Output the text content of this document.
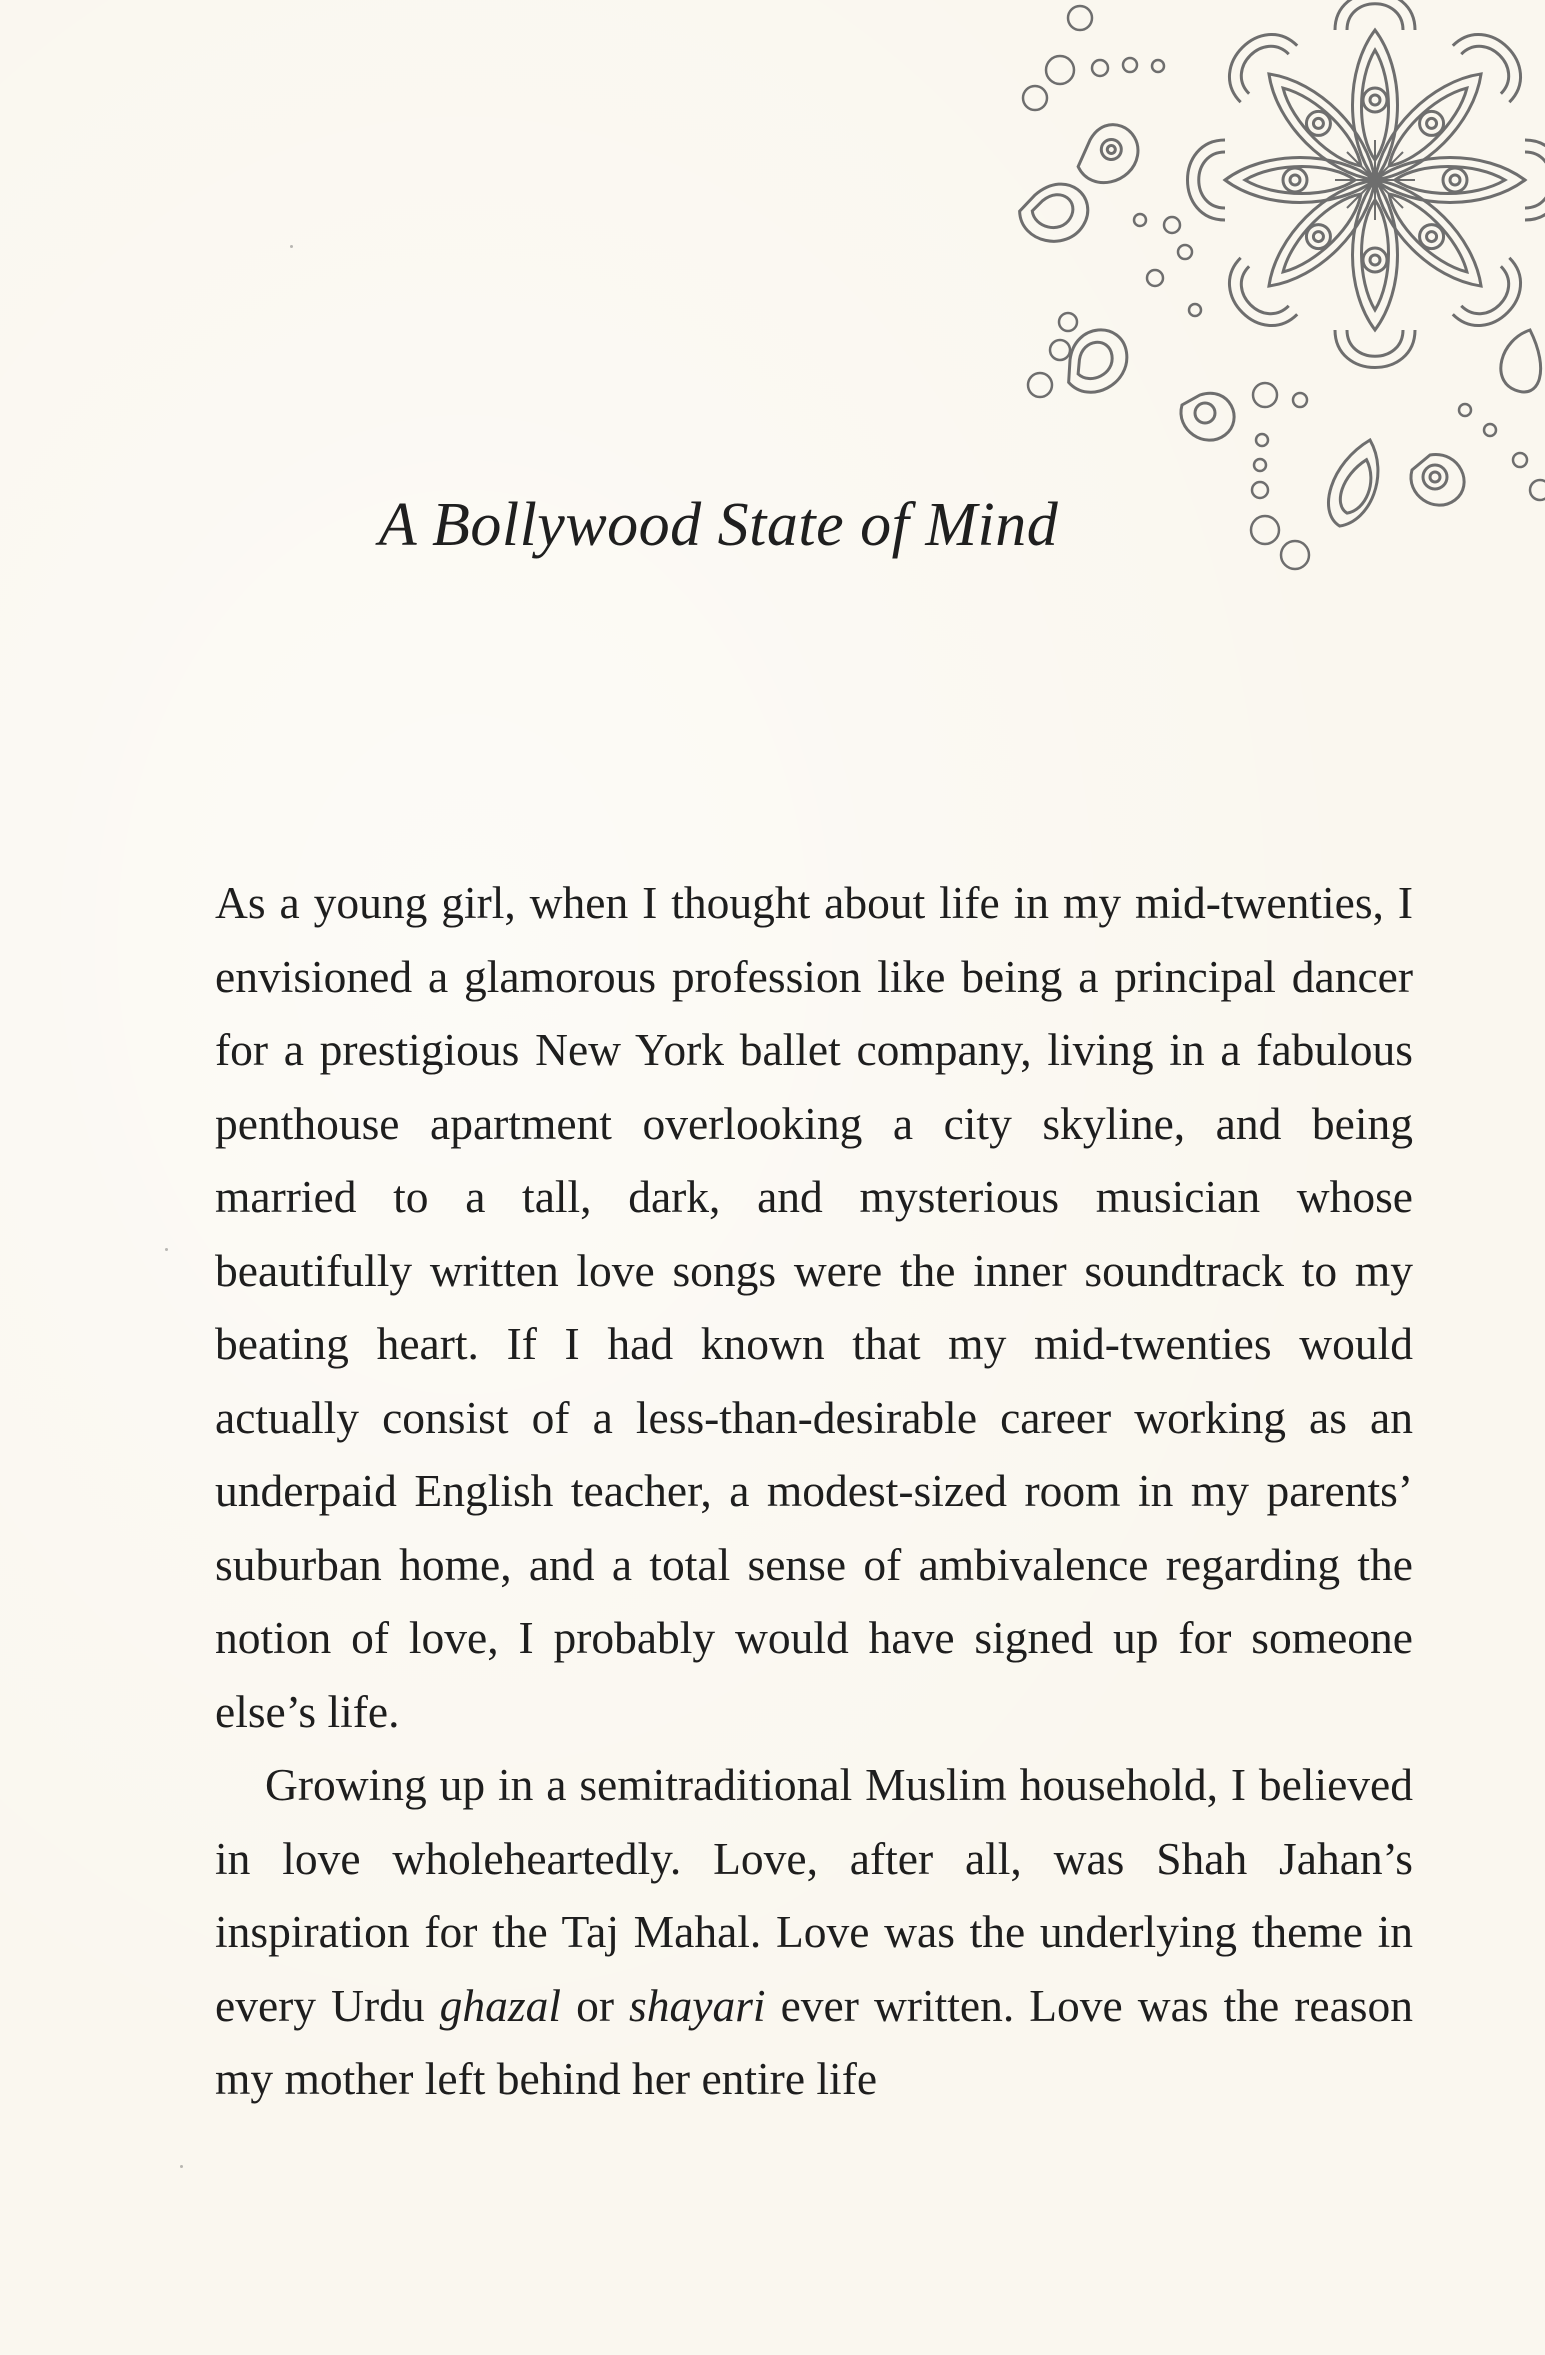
A Bollywood State of Mind

As a young girl, when I thought about life in my mid-twenties, I envisioned a glamorous profession like being a principal dancer for a prestigious New York ballet company, living in a fabulous penthouse apartment overlooking a city skyline, and being married to a tall, dark, and mysterious musician whose beautifully written love songs were the inner soundtrack to my beating heart. If I had known that my mid-twenties would actually consist of a less-than-desirable career working as an underpaid English teacher, a modest-sized room in my parents’ suburban home, and a total sense of ambivalence regarding the notion of love, I probably would have signed up for someone else’s life.

Growing up in a semitraditional Muslim household, I believed in love wholeheartedly. Love, after all, was Shah Jahan’s inspiration for the Taj Mahal. Love was the underlying theme in every Urdu ghazal or shayari ever written. Love was the reason my mother left behind her entire life
